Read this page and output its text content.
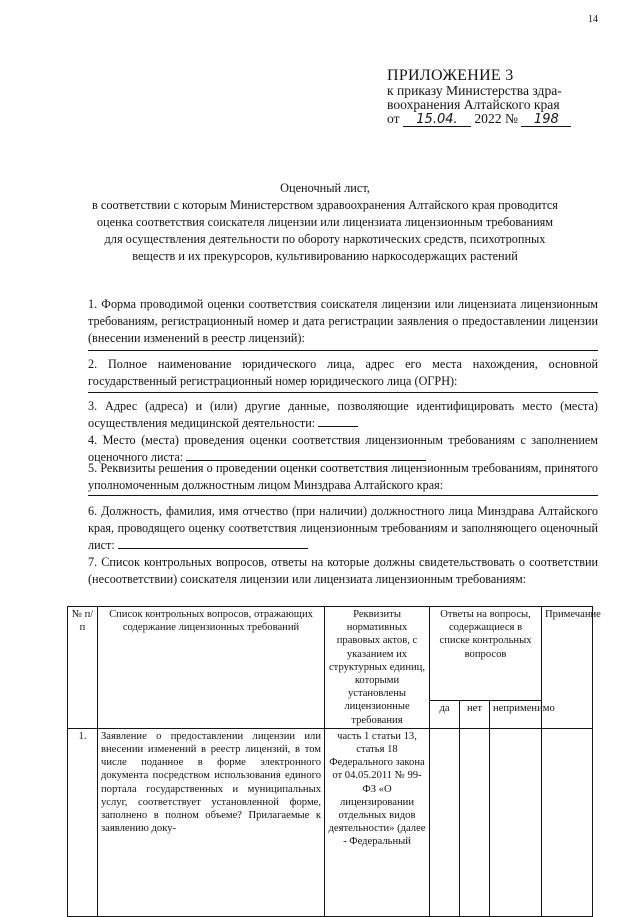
14
ПРИЛОЖЕНИЕ 3
к приказу Министерства здра-
воохранения Алтайского края
от 15.04. 2022 № 198
Оценочный лист,
в соответствии с которым Министерством здравоохранения Алтайского края проводится оценка соответствия соискателя лицензии или лицензиата лицензионным требованиям для осуществления деятельности по обороту наркотических средств, психотропных веществ и их прекурсоров, культивированию наркосодержащих растений
1. Форма проводимой оценки соответствия соискателя лицензии или лицензиата лицензионным требованиям, регистрационный номер и дата регистрации заявления о предоставлении лицензии (внесении изменений в реестр лицензий):
2. Полное наименование юридического лица, адрес его места нахождения, основной государственный регистрационный номер юридического лица (ОГРН):
3. Адрес (адреса) и (или) другие данные, позволяющие идентифицировать место (места) осуществления медицинской деятельности:
4. Место (места) проведения оценки соответствия лицензионным требованиям с заполнением оценочного листа:
5. Реквизиты решения о проведении оценки соответствия лицензионным требованиям, принятого уполномоченным должностным лицом Минздрава Алтайского края:
6. Должность, фамилия, имя отчество (при наличии) должностного лица Минздрава Алтайского края, проводящего оценку соответствия лицензионным требованиям и заполняющего оценочный лист:
7. Список контрольных вопросов, ответы на которые должны свидетельствовать о соответствии (несоответствии) соискателя лицензии или лицензиата лицензионным требованиям:
№ п/п	Список контрольных вопросов, отражающих содержание лицензионных требований	Реквизиты нормативных правовых актов, с указанием их структурных единиц, которыми установлены лицензионные требования	Ответы на вопросы, содержащиеся в списке контрольных вопросов			Примечание
			да	нет	неприменимо	
1.	Заявление о предоставлении лицензии или внесении изменений в реестр лицензий, в том числе поданное в форме электронного документа посредством использования единого портала государственных и муниципальных услуг, соответствует установленной форме, заполнено в полном объеме? Прилагаемые к заявлению доку-	часть 1 статьи 13, статья 18 Федерального закона от 04.05.2011 № 99-ФЗ «О лицензировании отдельных видов деятельности» (далее - Федеральный				
